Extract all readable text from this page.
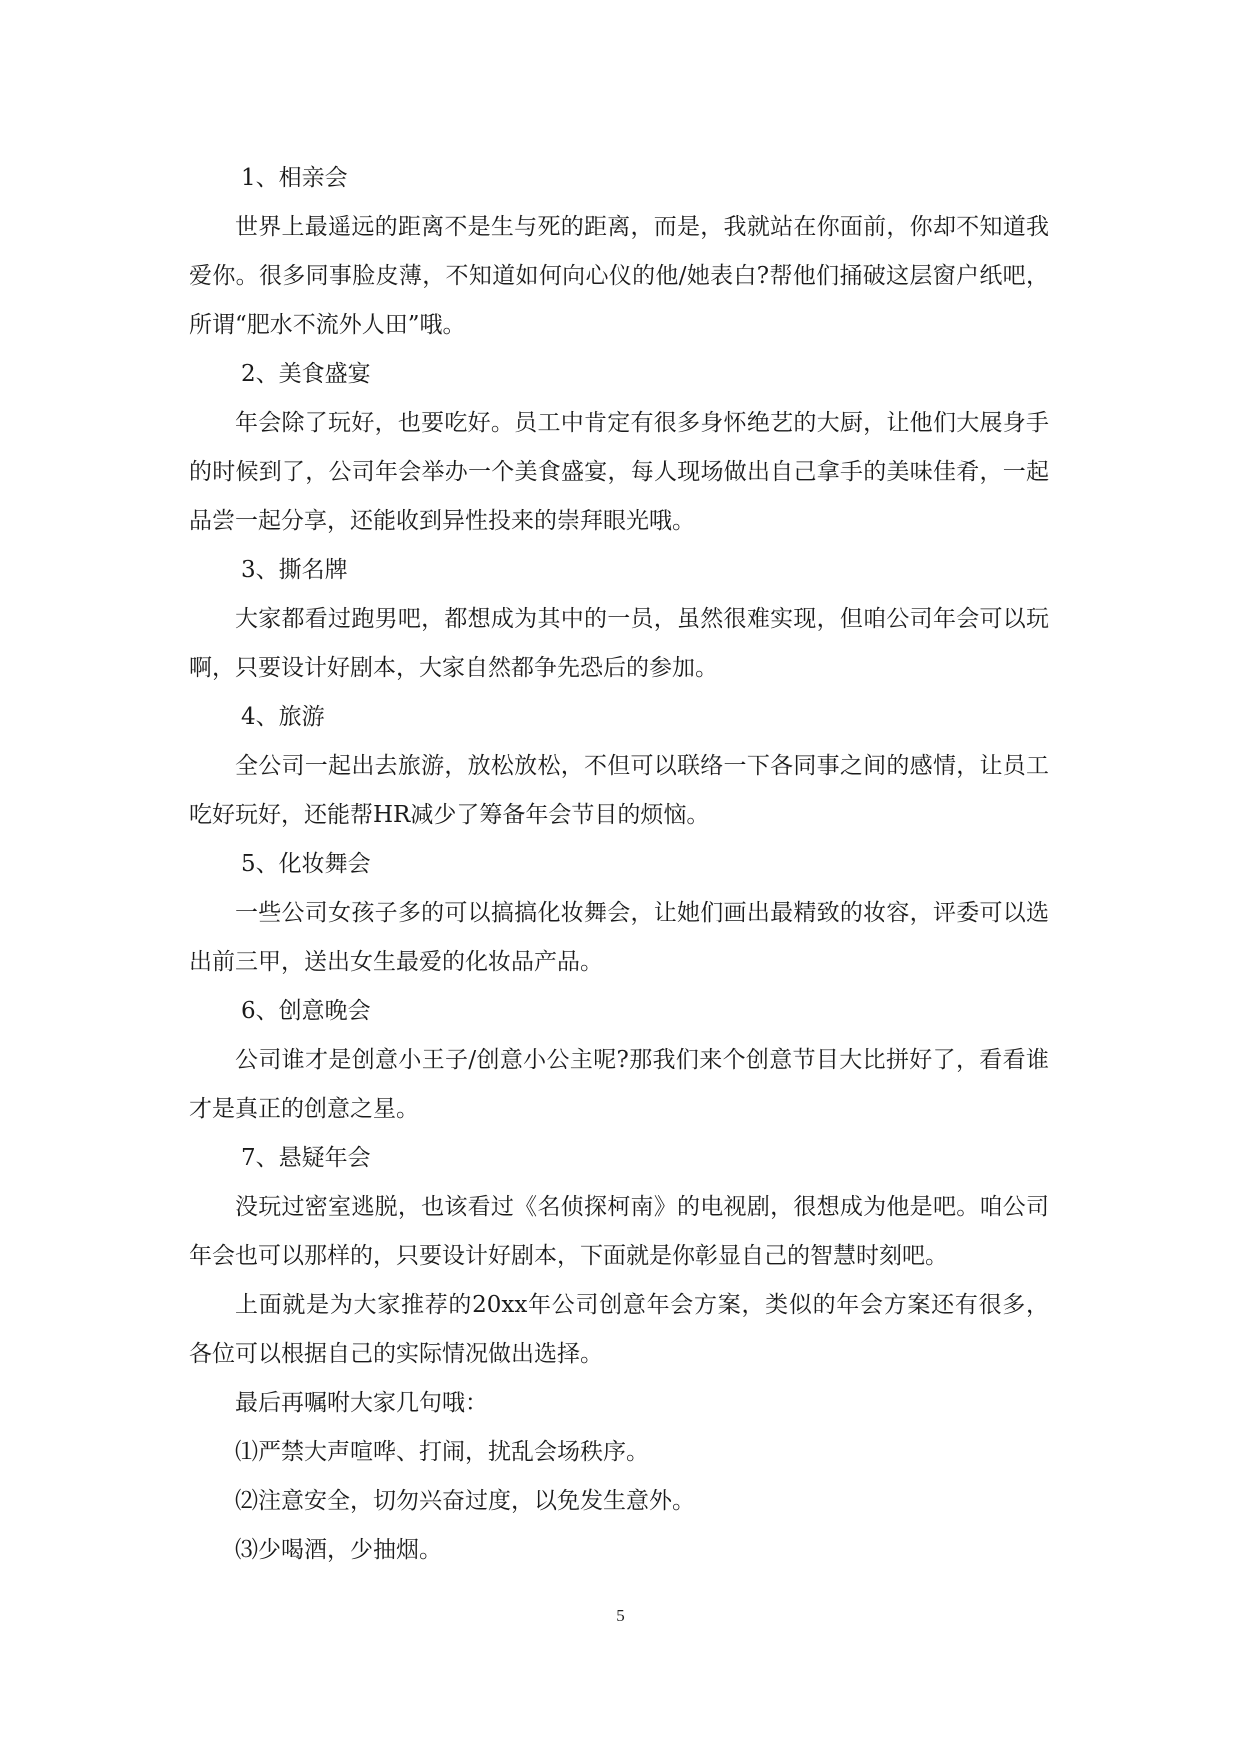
1、相亲会

世界上最遥远的距离不是生与死的距离，而是，我就站在你面前，你却不知道我爱你。很多同事脸皮薄，不知道如何向心仪的他/她表白?帮他们捅破这层窗户纸吧，所谓“肥水不流外人田”哦。

2、美食盛宴

年会除了玩好，也要吃好。员工中肯定有很多身怀绝艺的大厨，让他们大展身手的时候到了，公司年会举办一个美食盛宴，每人现场做出自己拿手的美味佳肴，一起品尝一起分享，还能收到异性投来的崇拜眼光哦。

3、撕名牌

大家都看过跑男吧，都想成为其中的一员，虽然很难实现，但咱公司年会可以玩啊，只要设计好剧本，大家自然都争先恐后的参加。

4、旅游

全公司一起出去旅游，放松放松，不但可以联络一下各同事之间的感情，让员工吃好玩好，还能帮HR减少了筹备年会节目的烦恼。

5、化妆舞会

一些公司女孩子多的可以搞搞化妆舞会，让她们画出最精致的妆容，评委可以选出前三甲，送出女生最爱的化妆品产品。

6、创意晚会

公司谁才是创意小王子/创意小公主呢?那我们来个创意节目大比拼好了，看看谁才是真正的创意之星。

7、悬疑年会

没玩过密室逃脱，也该看过《名侦探柯南》的电视剧，很想成为他是吧。咱公司年会也可以那样的，只要设计好剧本，下面就是你彰显自己的智慧时刻吧。

上面就是为大家推荐的20xx年公司创意年会方案，类似的年会方案还有很多，各位可以根据自己的实际情况做出选择。

最后再嘱咐大家几句哦：

⑴严禁大声喧哗、打闹，扰乱会场秩序。

⑵注意安全，切勿兴奋过度，以免发生意外。

⑶少喝酒，少抽烟。

5
